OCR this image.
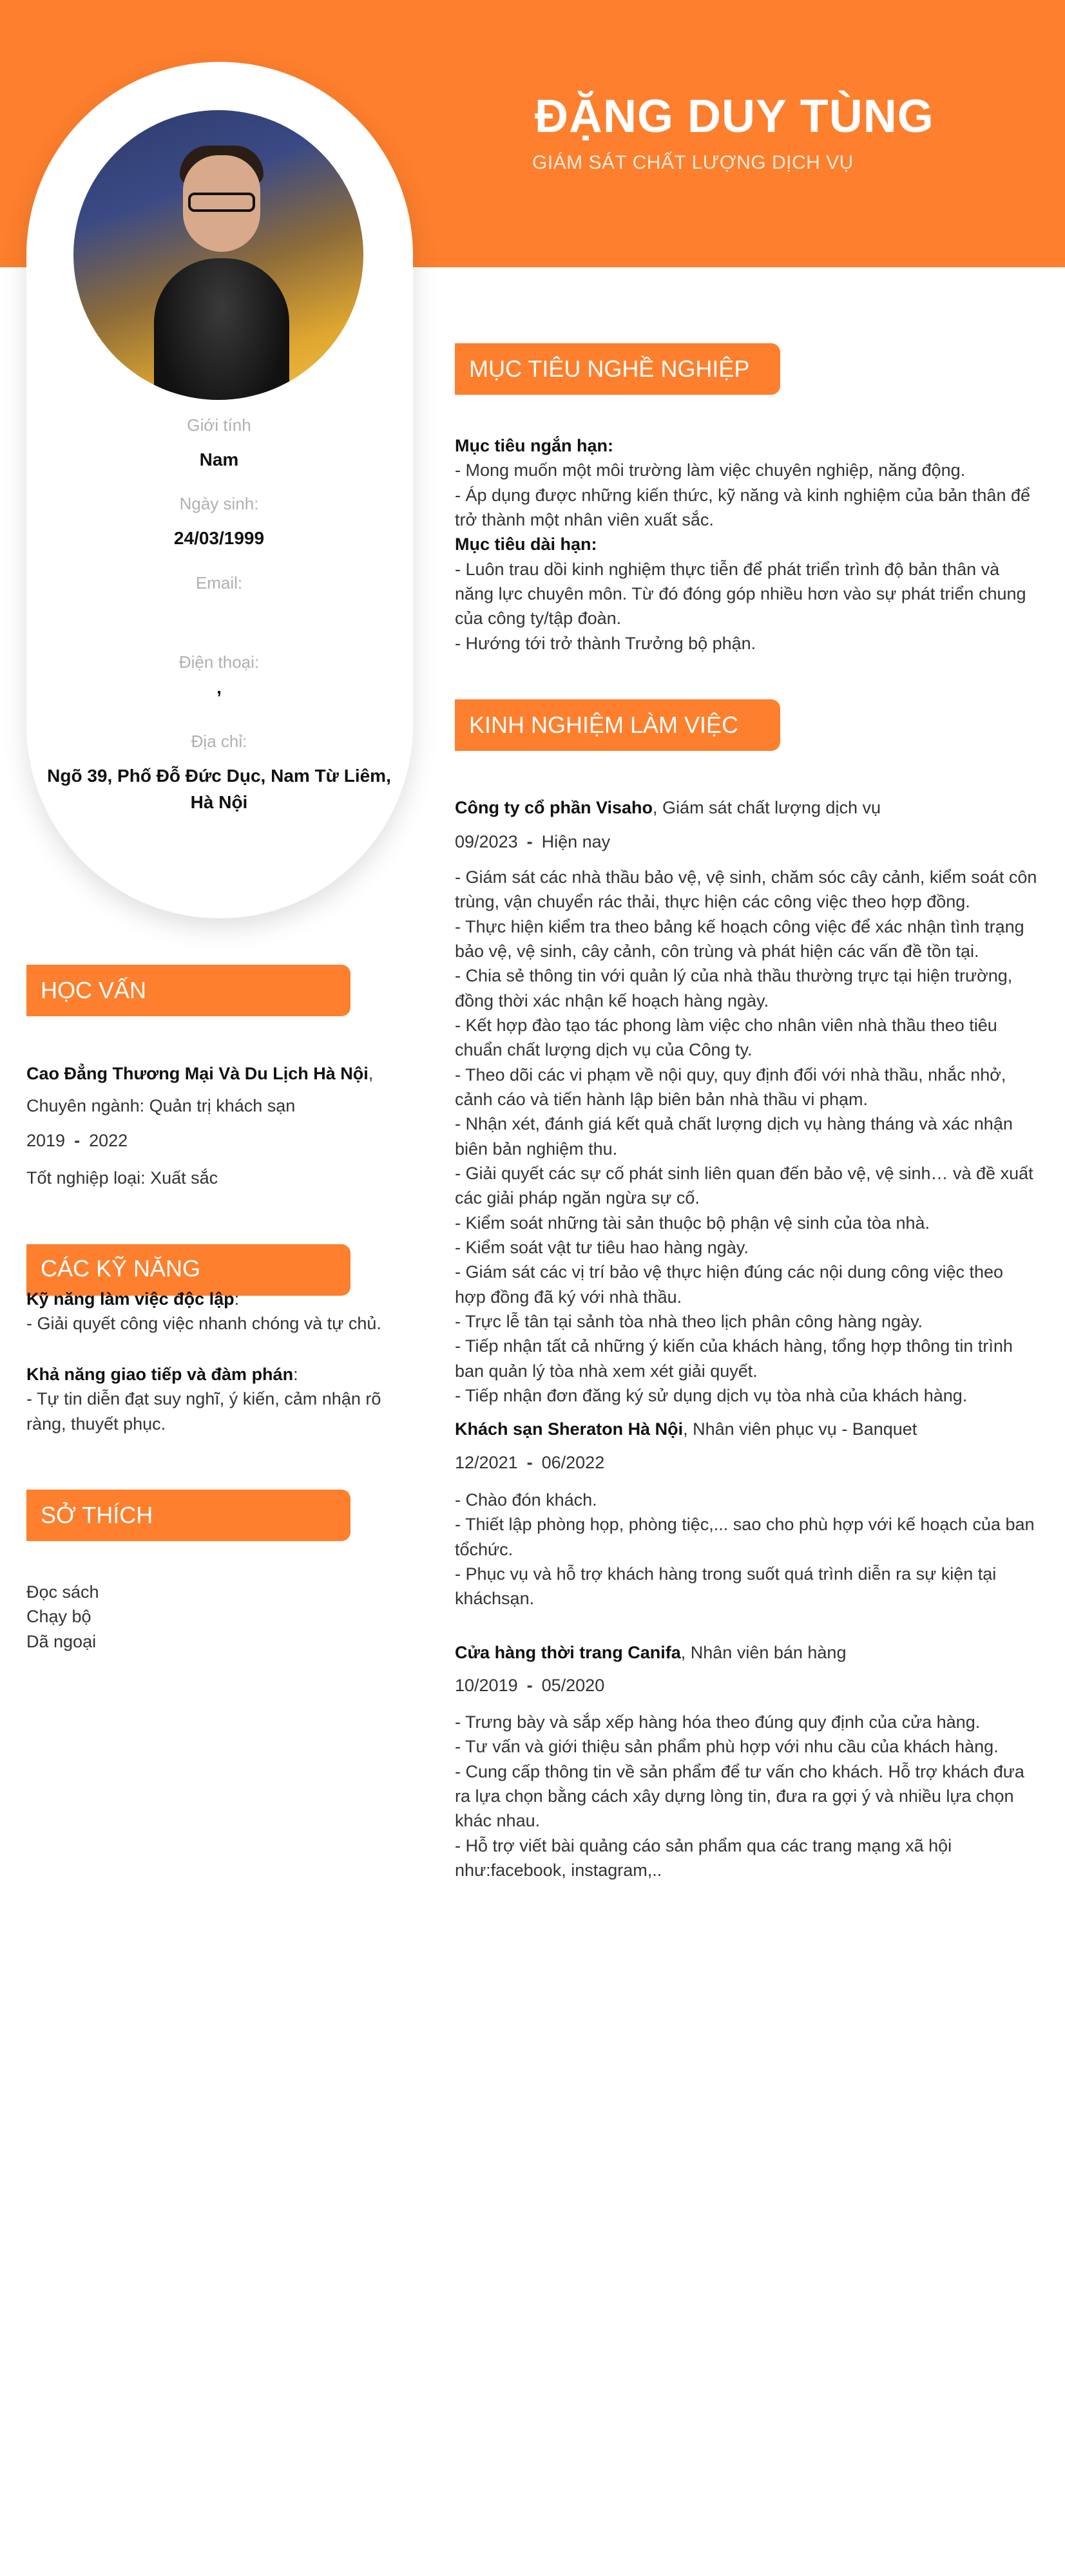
Giới tính
Nam
Ngày sinh:
24/03/1999
Email:
Điện thoại:
,
Địa chỉ:
Ngõ 39, Phố Đỗ Đức Dục, Nam Từ Liêm, Hà Nội
ĐẶNG DUY TÙNG
GIÁM SÁT CHẤT LƯỢNG DỊCH VỤ
HỌC VẤN
Cao Đẳng Thương Mại Và Du Lịch Hà Nội, Chuyên ngành: Quản trị khách sạn
2019 - 2022
Tốt nghiệp loại: Xuất sắc
CÁC KỸ NĂNG
Kỹ năng làm việc độc lập:
- Giải quyết công việc nhanh chóng và tự chủ.
Khả năng giao tiếp và đàm phán:
- Tự tin diễn đạt suy nghĩ, ý kiến, cảm nhận rõ ràng, thuyết phục.
SỞ THÍCH
Đọc sách
Chạy bộ
Dã ngoại
MỤC TIÊU NGHỀ NGHIỆP
Mục tiêu ngắn hạn:
- Mong muốn một môi trường làm việc chuyên nghiệp, năng động.
- Áp dụng được những kiến thức, kỹ năng và kinh nghiệm của bản thân để trở thành một nhân viên xuất sắc.
Mục tiêu dài hạn:
- Luôn trau dồi kinh nghiệm thực tiễn để phát triển trình độ bản thân và năng lực chuyên môn. Từ đó đóng góp nhiều hơn vào sự phát triển chung của công ty/tập đoàn.
- Hướng tới trở thành Trưởng bộ phận.
KINH NGHIỆM LÀM VIỆC
Công ty cổ phần Visaho, Giám sát chất lượng dịch vụ
09/2023 - Hiện nay
- Giám sát các nhà thầu bảo vệ, vệ sinh, chăm sóc cây cảnh, kiểm soát côn trùng, vận chuyển rác thải, thực hiện các công việc theo hợp đồng.
- Thực hiện kiểm tra theo bảng kế hoạch công việc để xác nhận tình trạng bảo vệ, vệ sinh, cây cảnh, côn trùng và phát hiện các vấn đề tồn tại.
- Chia sẻ thông tin với quản lý của nhà thầu thường trực tại hiện trường, đồng thời xác nhận kế hoạch hàng ngày.
- Kết hợp đào tạo tác phong làm việc cho nhân viên nhà thầu theo tiêu chuẩn chất lượng dịch vụ của Công ty.
- Theo dõi các vi phạm về nội quy, quy định đối với nhà thầu, nhắc nhở, cảnh cáo và tiến hành lập biên bản nhà thầu vi phạm.
- Nhận xét, đánh giá kết quả chất lượng dịch vụ hàng tháng và xác nhận biên bản nghiệm thu.
- Giải quyết các sự cố phát sinh liên quan đến bảo vệ, vệ sinh… và đề xuất các giải pháp ngăn ngừa sự cố.
- Kiểm soát những tài sản thuộc bộ phận vệ sinh của tòa nhà.
- Kiểm soát vật tư tiêu hao hàng ngày.
- Giám sát các vị trí bảo vệ thực hiện đúng các nội dung công việc theo hợp đồng đã ký với nhà thầu.
- Trực lễ tân tại sảnh tòa nhà theo lịch phân công hàng ngày.
- Tiếp nhận tất cả những ý kiến của khách hàng, tổng hợp thông tin trình ban quản lý tòa nhà xem xét giải quyết.
- Tiếp nhận đơn đăng ký sử dụng dịch vụ tòa nhà của khách hàng.
Khách sạn Sheraton Hà Nội, Nhân viên phục vụ - Banquet
12/2021 - 06/2022
- Chào đón khách.
- Thiết lập phòng họp, phòng tiệc,... sao cho phù hợp với kế hoạch của ban tổchức.
- Phục vụ và hỗ trợ khách hàng trong suốt quá trình diễn ra sự kiện tại kháchsạn.
Cửa hàng thời trang Canifa, Nhân viên bán hàng
10/2019 - 05/2020
- Trưng bày và sắp xếp hàng hóa theo đúng quy định của cửa hàng.
- Tư vấn và giới thiệu sản phẩm phù hợp với nhu cầu của khách hàng.
- Cung cấp thông tin về sản phẩm để tư vấn cho khách. Hỗ trợ khách đưa ra lựa chọn bằng cách xây dựng lòng tin, đưa ra gợi ý và nhiều lựa chọn khác nhau.
- Hỗ trợ viết bài quảng cáo sản phẩm qua các trang mạng xã hội như:facebook, instagram,..
